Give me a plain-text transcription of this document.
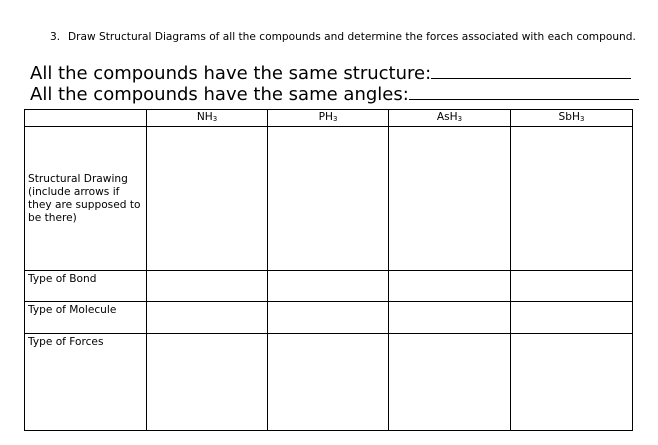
3. Draw Structural Diagrams of all the compounds and determine the forces associated with each compound.
All the compounds have the same structure:
All the compounds have the same angles:
	NH3	PH3	AsH3	SbH3
Structural Drawing (include arrows if they are supposed to be there)				
Type of Bond				
Type of Molecule				
Type of Forces				
